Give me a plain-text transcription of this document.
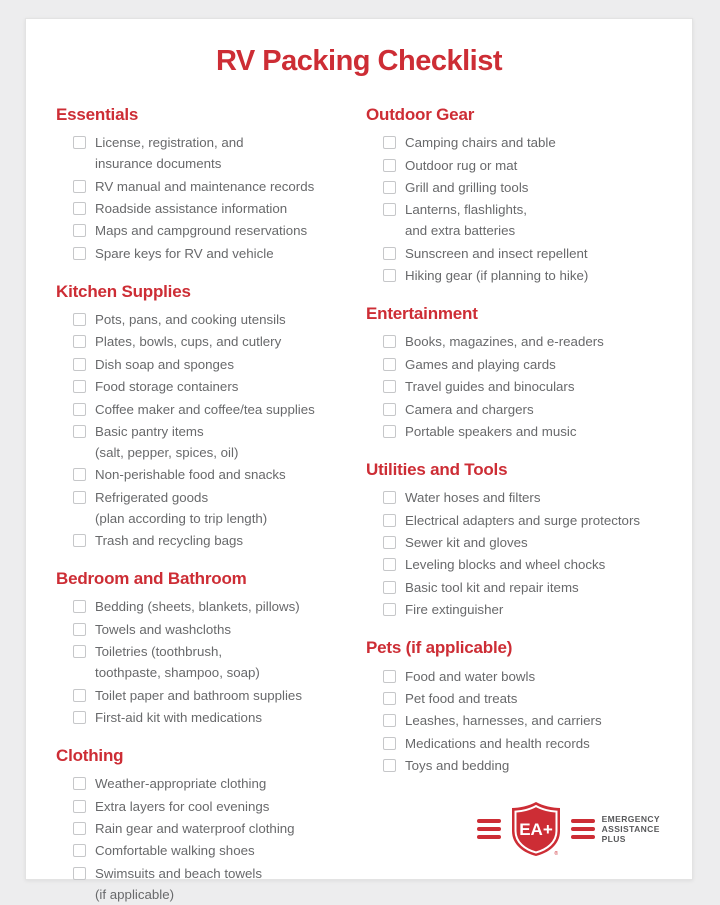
RV Packing Checklist
Essentials
License, registration, and
insurance documents
RV manual and maintenance records
Roadside assistance information
Maps and campground reservations
Spare keys for RV and vehicle
Kitchen Supplies
Pots, pans, and cooking utensils
Plates, bowls, cups, and cutlery
Dish soap and sponges
Food storage containers
Coffee maker and coffee/tea supplies
Basic pantry items
(salt, pepper, spices, oil)
Non-perishable food and snacks
Refrigerated goods
(plan according to trip length)
Trash and recycling bags
Bedroom and Bathroom
Bedding (sheets, blankets, pillows)
Towels and washcloths
Toiletries (toothbrush,
toothpaste, shampoo, soap)
Toilet paper and bathroom supplies
First-aid kit with medications
Clothing
Weather-appropriate clothing
Extra layers for cool evenings
Rain gear and waterproof clothing
Comfortable walking shoes
Swimsuits and beach towels
(if applicable)
Outdoor Gear
Camping chairs and table
Outdoor rug or mat
Grill and grilling tools
Lanterns, flashlights,
and extra batteries
Sunscreen and insect repellent
Hiking gear (if planning to hike)
Entertainment
Books, magazines, and e-readers
Games and playing cards
Travel guides and binoculars
Camera and chargers
Portable speakers and music
Utilities and Tools
Water hoses and filters
Electrical adapters and surge protectors
Sewer kit and gloves
Leveling blocks and wheel chocks
Basic tool kit and repair items
Fire extinguisher
Pets (if applicable)
Food and water bowls
Pet food and treats
Leashes, harnesses, and carriers
Medications and health records
Toys and bedding
EA+
®
EMERGENCY
ASSISTANCE
PLUS
